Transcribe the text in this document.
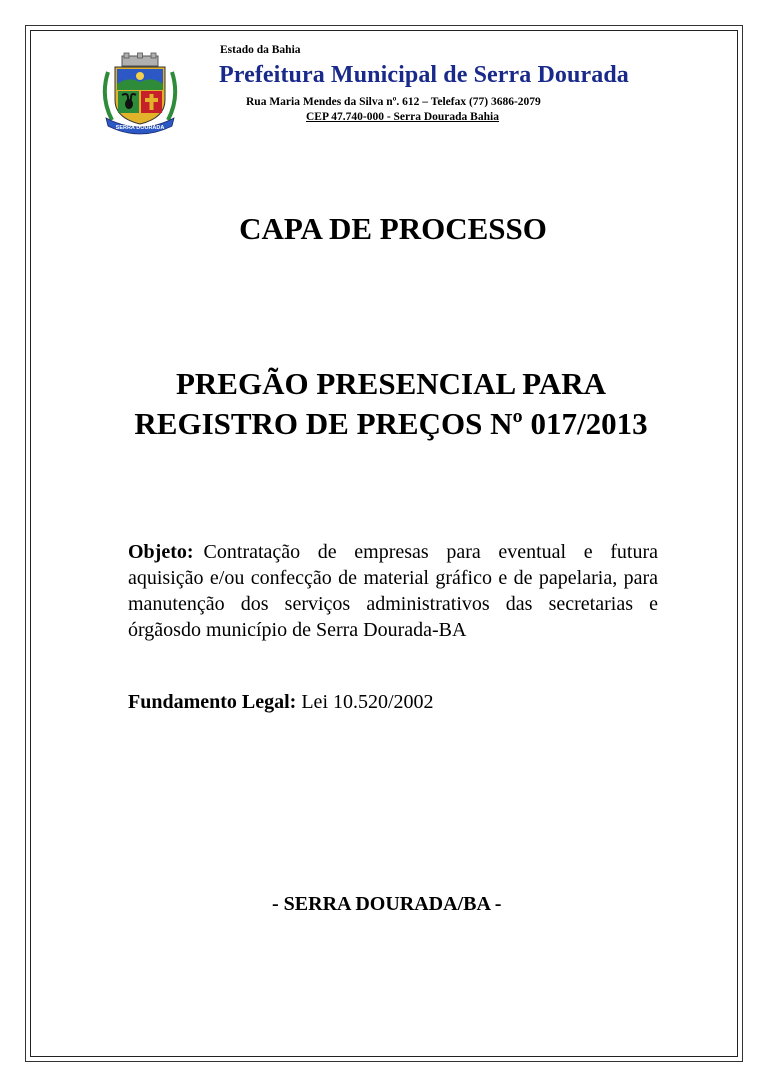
SERRA DOURADA
Estado da Bahia
Prefeitura Municipal de Serra Dourada
Rua Maria Mendes da Silva nº. 612 – Telefax (77) 3686-2079
CEP 47.740-000 - Serra Dourada Bahia
CAPA DE PROCESSO
PREGÃO PRESENCIAL PARA
REGISTRO DE PREÇOS Nº 017/2013
Objeto: Contratação de empresas para eventual e futura aquisição e/ou confecção de material gráfico e de papelaria, para manutenção dos serviços administrativos das secretarias e órgãosdo município de Serra Dourada-BA
Fundamento Legal: Lei 10.520/2002
- SERRA DOURADA/BA -
